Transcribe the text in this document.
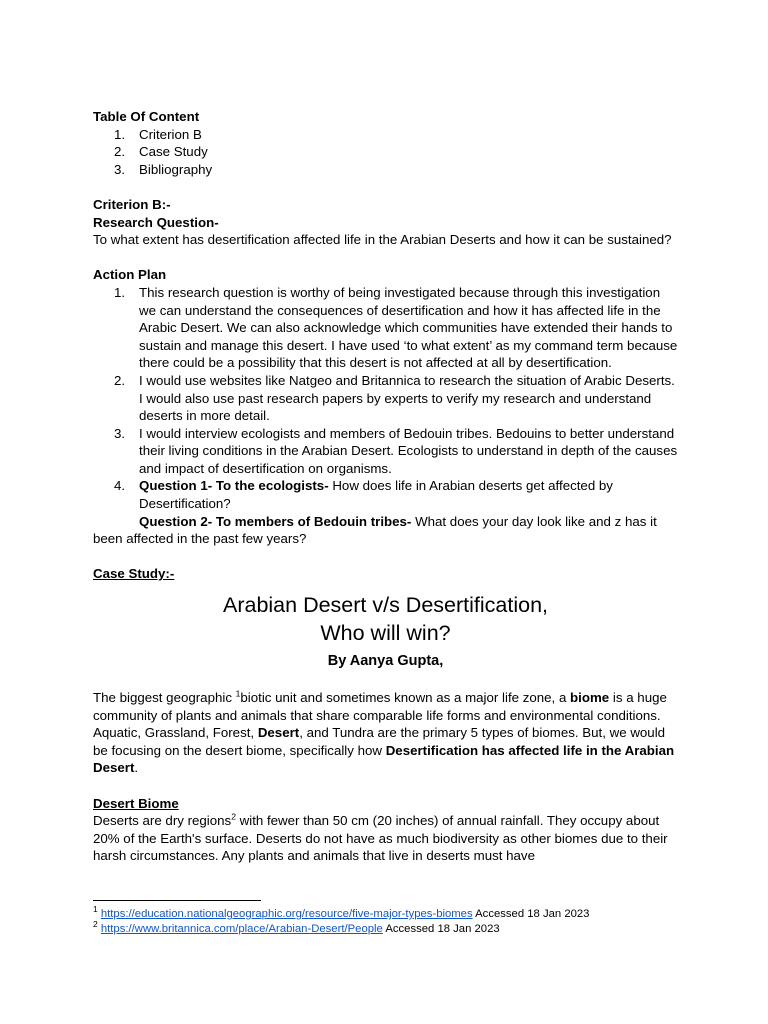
Table Of Content

1. Criterion B
2. Case Study
3. Bibliography

Criterion B:-

Research Question-

To what extent has desertification affected life in the Arabian Deserts and how it can be sustained?

Action Plan

1. This research question is worthy of being investigated because through this investigation we can understand the consequences of desertification and how it has affected life in the Arabic Desert. We can also acknowledge which communities have extended their hands to sustain and manage this desert. I have used ‘to what extent’ as my command term because there could be a possibility that this desert is not affected at all by desertification.
2. I would use websites like Natgeo and Britannica to research the situation of Arabic Deserts. I would also use past research papers by experts to verify my research and understand deserts in more detail.
3. I would interview ecologists and members of Bedouin tribes. Bedouins to better understand their living conditions in the Arabian Desert. Ecologists to understand in depth of the causes and impact of desertification on organisms.
4. Question 1- To the ecologists- How does life in Arabian deserts get affected by Desertification?

Question 2- To members of Bedouin tribes- What does your day look like and z has it been affected in the past few years?

Case Study:-

Arabian Desert v/s Desertification,
Who will win?
By Aanya Gupta,

The biggest geographic $^1$biotic unit and sometimes known as a major life zone, a biome is a huge community of plants and animals that share comparable life forms and environmental conditions. Aquatic, Grassland, Forest, Desert, and Tundra are the primary 5 types of biomes. But, we would be focusing on the desert biome, specifically how Desertification has affected life in the Arabian Desert.

Desert Biome

Deserts are dry regions$^2$ with fewer than 50 cm (20 inches) of annual rainfall. They occupy about 20% of the Earth's surface. Deserts do not have as much biodiversity as other biomes due to their harsh circumstances. Any plants and animals that live in deserts must have

$^1$ https://education.nationalgeographic.org/resource/five-major-types-biomes Accessed 18 Jan 2023
$^2$ https://www.britannica.com/place/Arabian-Desert/People Accessed 18 Jan 2023
